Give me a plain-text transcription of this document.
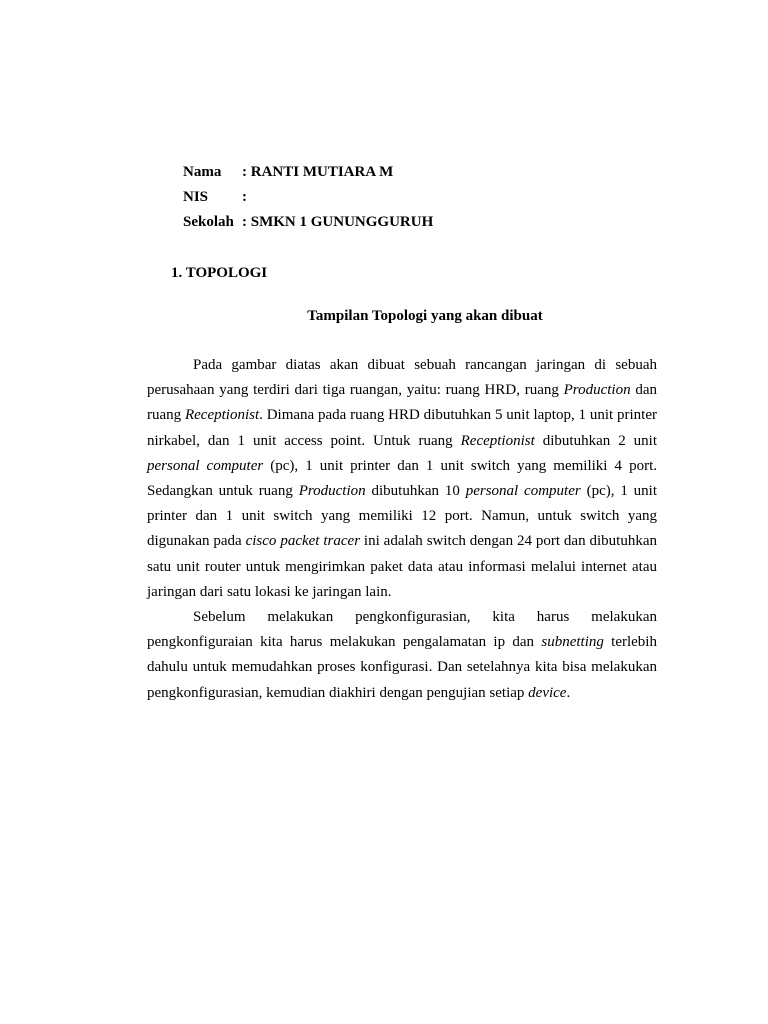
Nama : RANTI MUTIARA M
NIS :
Sekolah : SMKN 1 GUNUNGGURUH
1. TOPOLOGI
Tampilan Topologi yang akan dibuat

Pada gambar diatas akan dibuat sebuah rancangan jaringan di sebuah perusahaan yang terdiri dari tiga ruangan, yaitu: ruang HRD, ruang Production dan ruang Receptionist. Dimana pada ruang HRD dibutuhkan 5 unit laptop, 1 unit printer nirkabel, dan 1 unit access point. Untuk ruang Receptionist dibutuhkan 2 unit personal computer (pc), 1 unit printer dan 1 unit switch yang memiliki 4 port. Sedangkan untuk ruang Production dibutuhkan 10 personal computer (pc), 1 unit printer dan 1 unit switch yang memiliki 12 port. Namun, untuk switch yang digunakan pada cisco packet tracer ini adalah switch dengan 24 port dan dibutuhkan satu unit router untuk mengirimkan paket data atau informasi melalui internet atau jaringan dari satu lokasi ke jaringan lain.

Sebelum melakukan pengkonfigurasian, kita harus melakukan pengkonfiguraian kita harus melakukan pengalamatan ip dan subnetting terlebih dahulu untuk memudahkan proses konfigurasi. Dan setelahnya kita bisa melakukan pengkonfigurasian, kemudian diakhiri dengan pengujian setiap device.
